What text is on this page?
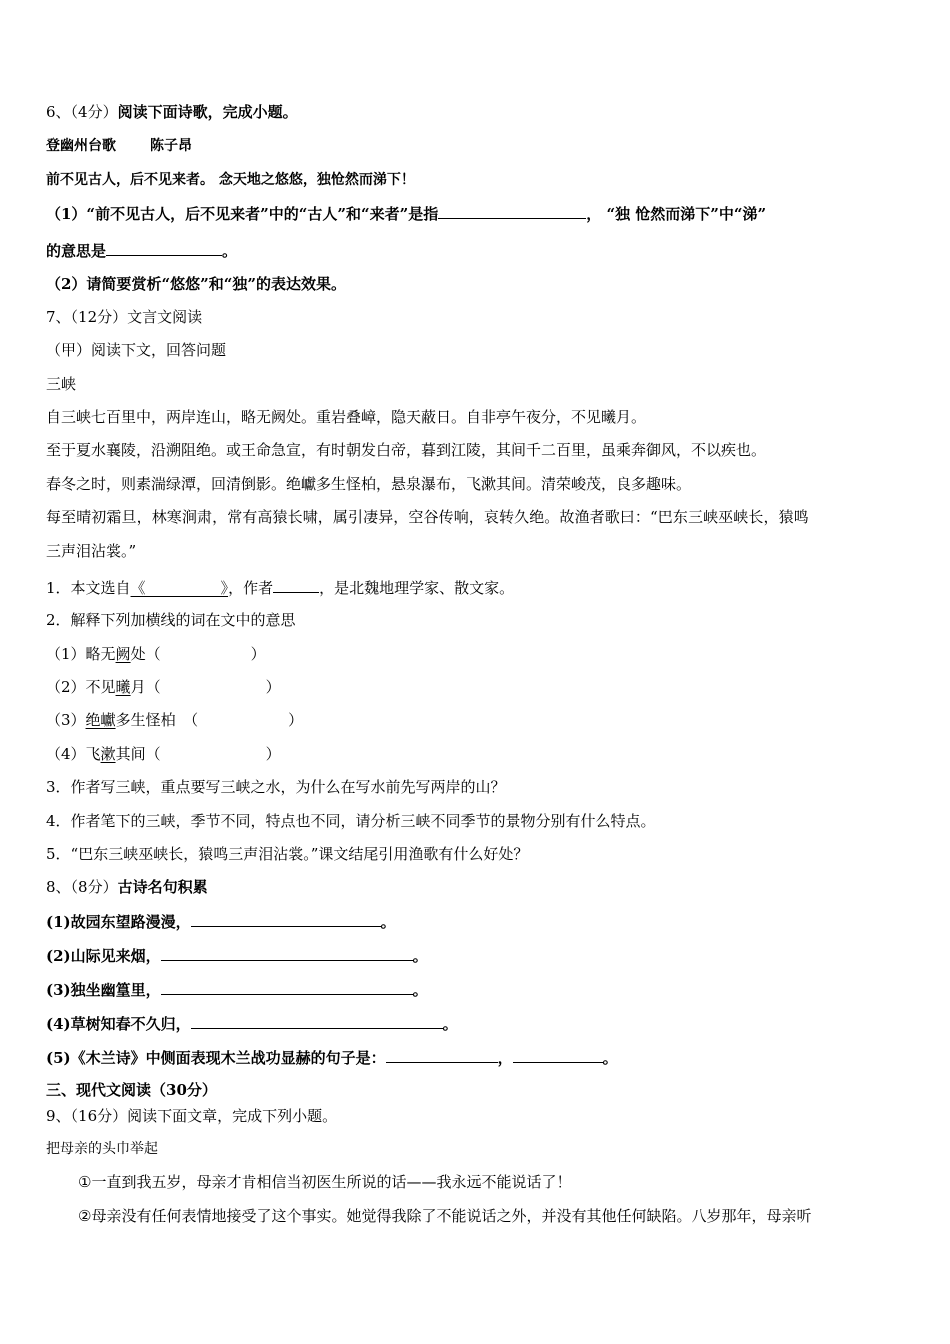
6、（4分）阅读下面诗歌，完成小题。
登幽州台歌 陈子昂
前不见古人，后不见来者。 念天地之悠悠，独怆然而涕下！
（1）“前不见古人，后不见来者”中的“古人”和“来者”是指	， “独 怆然而涕下”中“涕”
的意思是	。
（2）请简要赏析“悠悠”和“独”的表达效果。
7、（12分）文言文阅读
（甲）阅读下文，回答问题
三峡
自三峡七百里中，两岸连山，略无阙处。重岩叠嶂，隐天蔽日。自非亭午夜分，不见曦月。
至于夏水襄陵，沿溯阻绝。或王命急宣，有时朝发白帝，暮到江陵，其间千二百里，虽乘奔御风，不以疾也。
春冬之时，则素湍绿潭，回清倒影。绝巘多生怪柏，悬泉瀑布，飞漱其间。清荣峻茂，良多趣味。
每至晴初霜旦，林寒涧肃，常有高猿长啸，属引凄异，空谷传响，哀转久绝。故渔者歌曰：“巴东三峡巫峡长，猿鸣
三声泪沾裳。”
1．本文选自《　　　　　》，作者	，是北魏地理学家、散文家。
2．解释下列加横线的词在文中的意思
（1）略无阙处（　　　　　　）
（2）不见曦月（　　　　　　　）
（3）绝巘多生怪柏　（　　　　　　）
（4）飞漱其间（　　　　　　　）
3．作者写三峡，重点要写三峡之水，为什么在写水前先写两岸的山？
4．作者笔下的三峡，季节不同，特点也不同，请分析三峡不同季节的景物分别有什么特点。
5．“巴东三峡巫峡长，猿鸣三声泪沾裳。”课文结尾引用渔歌有什么好处？
8、（8分）古诗名句积累
(1)故园东望路漫漫，	。
(2)山际见来烟，	。
(3)独坐幽篁里，	。
(4)草树知春不久归，	。
(5)《木兰诗》中侧面表现木兰战功显赫的句子是：	，	。
三、现代文阅读（30分）
9、（16分）阅读下面文章，完成下列小题。
把母亲的头巾举起
①一直到我五岁，母亲才肯相信当初医生所说的话——我永远不能说话了！
②母亲没有任何表情地接受了这个事实。她觉得我除了不能说话之外，并没有其他任何缺陷。八岁那年，母亲听
